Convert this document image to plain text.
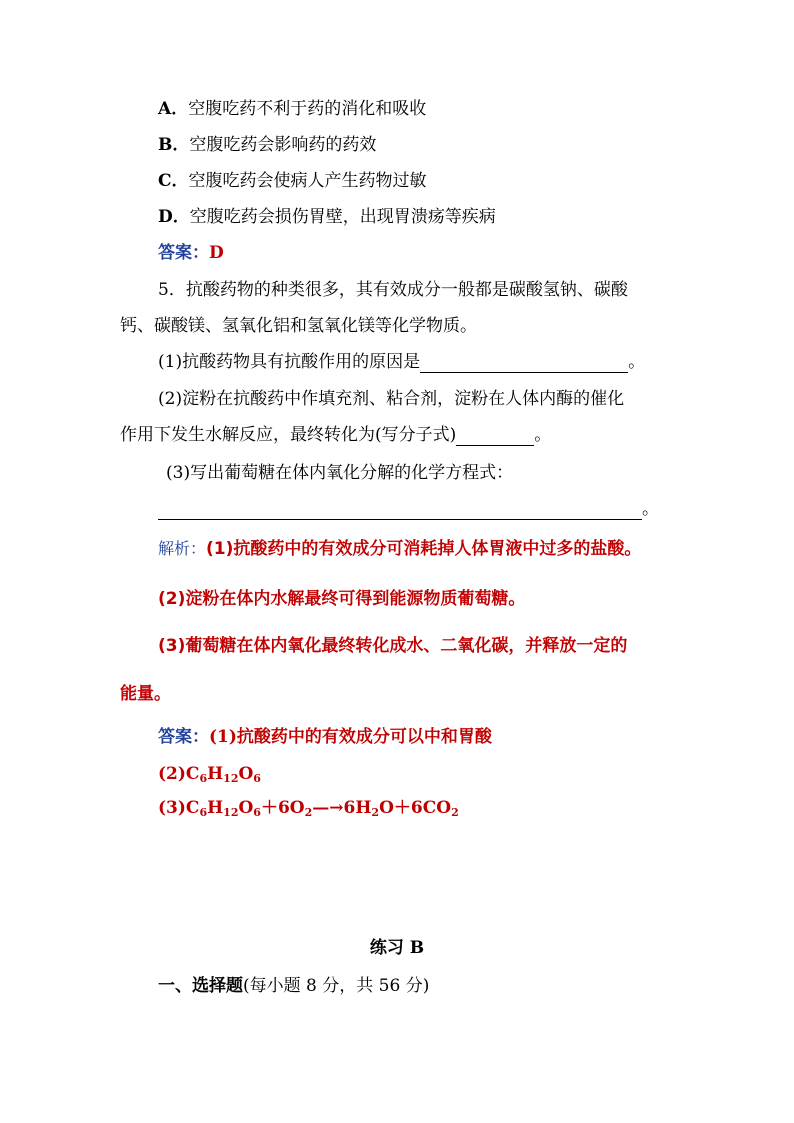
A．空腹吃药不利于药的消化和吸收
B．空腹吃药会影响药的药效
C．空腹吃药会使病人产生药物过敏
D．空腹吃药会损伤胃壁，出现胃溃疡等疾病
答案：D
5．抗酸药物的种类很多，其有效成分一般都是碳酸氢钠、碳酸
钙、碳酸镁、氢氧化铝和氢氧化镁等化学物质。
(1)抗酸药物具有抗酸作用的原因是	。
(2)淀粉在抗酸药中作填充剂、粘合剂，淀粉在人体内酶的催化
作用下发生水解反应，最终转化为(写分子式)	。
(3)写出葡萄糖在体内氧化分解的化学方程式：
。
解析：(1)抗酸药中的有效成分可消耗掉人体胃液中过多的盐酸。
(2)淀粉在体内水解最终可得到能源物质葡萄糖。
(3)葡萄糖在体内氧化最终转化成水、二氧化碳，并释放一定的
能量。
答案：(1)抗酸药中的有效成分可以中和胃酸
$(2)C_6H_{12}O_6$
$(3)C_6H_{12}O_6+6O_2—\to 6H_2O+6CO_2$
练习 B
一、选择题(每小题 8 分，共 56 分)
